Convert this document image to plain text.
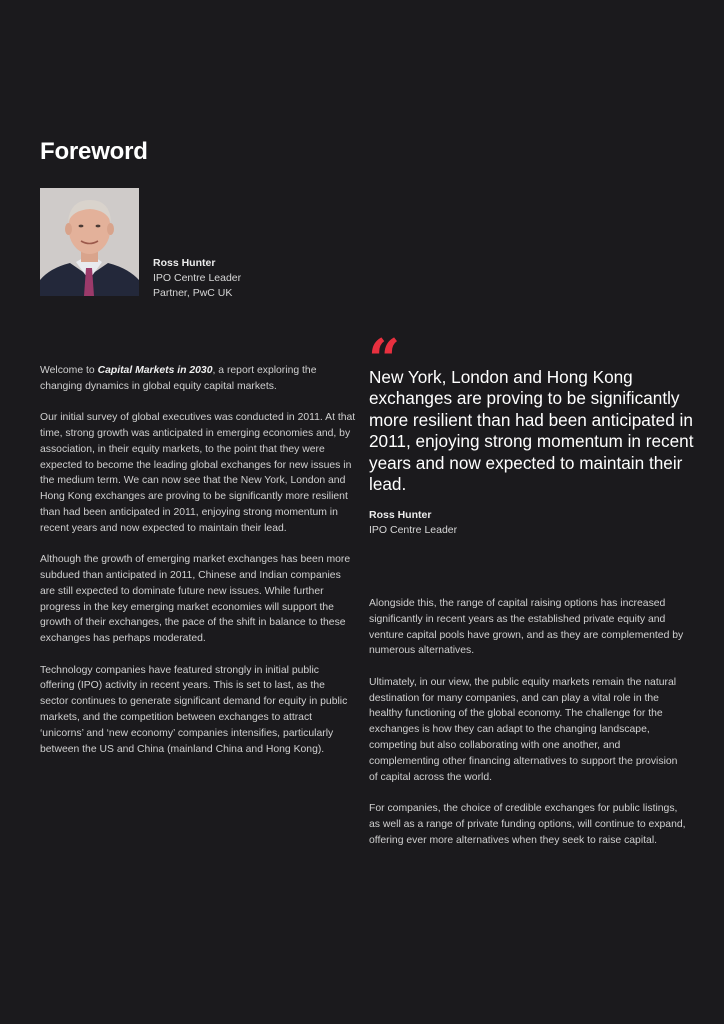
Foreword
Ross Hunter
IPO Centre Leader
Partner, PwC UK

Welcome to Capital Markets in 2030, a report exploring the changing dynamics in global equity capital markets.

Our initial survey of global executives was conducted in 2011. At that time, strong growth was anticipated in emerging economies and, by association, in their equity markets, to the point that they were expected to become the leading global exchanges for new issues in the medium term. We can now see that the New York, London and Hong Kong exchanges are proving to be significantly more resilient than had been anticipated in 2011, enjoying strong momentum in recent years and now expected to maintain their lead.

Although the growth of emerging market exchanges has been more subdued than anticipated in 2011, Chinese and Indian companies are still expected to dominate future new issues. While further progress in the key emerging market economies will support the growth of their exchanges, the pace of the shift in balance to these exchanges has perhaps moderated.

Technology companies have featured strongly in initial public offering (IPO) activity in recent years. This is set to last, as the sector continues to generate significant demand for equity in public markets, and the competition between exchanges to attract ‘unicorns’ and ‘new economy’ companies intensifies, particularly between the US and China (mainland China and Hong Kong).

“

New York, London and Hong Kong exchanges are proving to be significantly more resilient than had been anticipated in 2011, enjoying strong momentum in recent years and now expected to maintain their lead.

Ross Hunter
IPO Centre Leader

Alongside this, the range of capital raising options has increased significantly in recent years as the established private equity and venture capital pools have grown, and as they are complemented by numerous alternatives.

Ultimately, in our view, the public equity markets remain the natural destination for many companies, and can play a vital role in the healthy functioning of the global economy. The challenge for the exchanges is how they can adapt to the changing landscape, competing but also collaborating with one another, and complementing other financing alternatives to support the provision of capital across the world.

For companies, the choice of credible exchanges for public listings, as well as a range of private funding options, will continue to expand, offering ever more alternatives when they seek to raise capital.
